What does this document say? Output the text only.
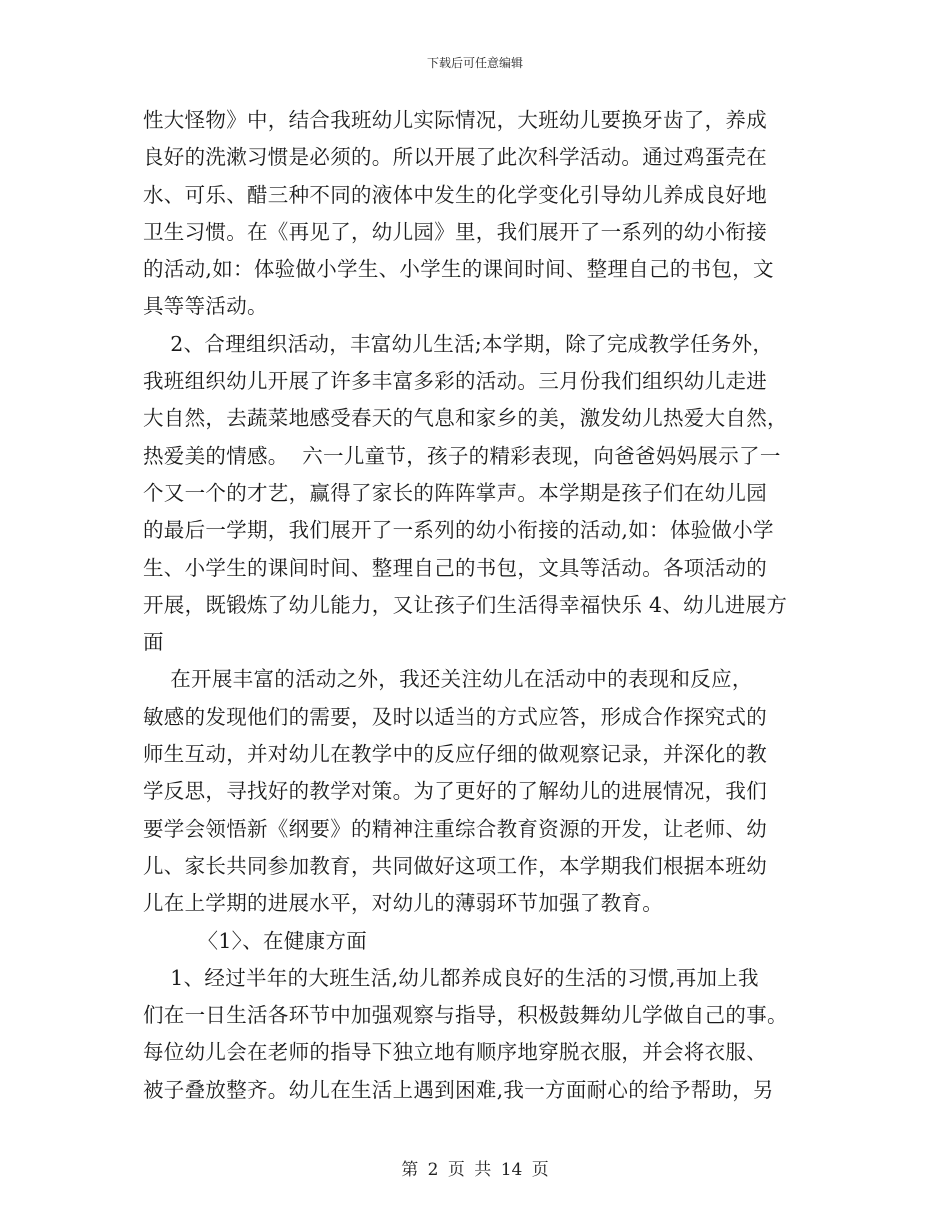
下载后可任意编辑
性大怪物》中，结合我班幼儿实际情况，大班幼儿要换牙齿了，养成
良好的洗漱习惯是必须的。所以开展了此次科学活动。通过鸡蛋壳在
水、可乐、醋三种不同的液体中发生的化学变化引导幼儿养成良好地
卫生习惯。在《再见了，幼儿园》里，我们展开了一系列的幼小衔接
的活动,如：体验做小学生、小学生的课间时间、整理自己的书包，文
具等等活动。
2、合理组织活动，丰富幼儿生活;本学期，除了完成教学任务外，
我班组织幼儿开展了许多丰富多彩的活动。三月份我们组织幼儿走进
大自然，去蔬菜地感受春天的气息和家乡的美，激发幼儿热爱大自然，
热爱美的情感。  六一儿童节，孩子的精彩表现，向爸爸妈妈展示了一
个又一个的才艺，赢得了家长的阵阵掌声。本学期是孩子们在幼儿园
的最后一学期，我们展开了一系列的幼小衔接的活动,如：体验做小学
生、小学生的课间时间、整理自己的书包，文具等活动。各项活动的
开展，既锻炼了幼儿能力，又让孩子们生活得幸福快乐 4、幼儿进展方
面
在开展丰富的活动之外，我还关注幼儿在活动中的表现和反应，
敏感的发现他们的需要，及时以适当的方式应答，形成合作探究式的
师生互动，并对幼儿在教学中的反应仔细的做观察记录，并深化的教
学反思，寻找好的教学对策。为了更好的了解幼儿的进展情况，我们
要学会领悟新《纲要》的精神注重综合教育资源的开发，让老师、幼
儿、家长共同参加教育，共同做好这项工作，本学期我们根据本班幼
儿在上学期的进展水平，对幼儿的薄弱环节加强了教育。
〈1〉、在健康方面
1、经过半年的大班生活,幼儿都养成良好的生活的习惯,再加上我
们在一日生活各环节中加强观察与指导，积极鼓舞幼儿学做自己的事。
每位幼儿会在老师的指导下独立地有顺序地穿脱衣服，并会将衣服、
被子叠放整齐。幼儿在生活上遇到困难,我一方面耐心的给予帮助，另
第 2 页 共 14 页
